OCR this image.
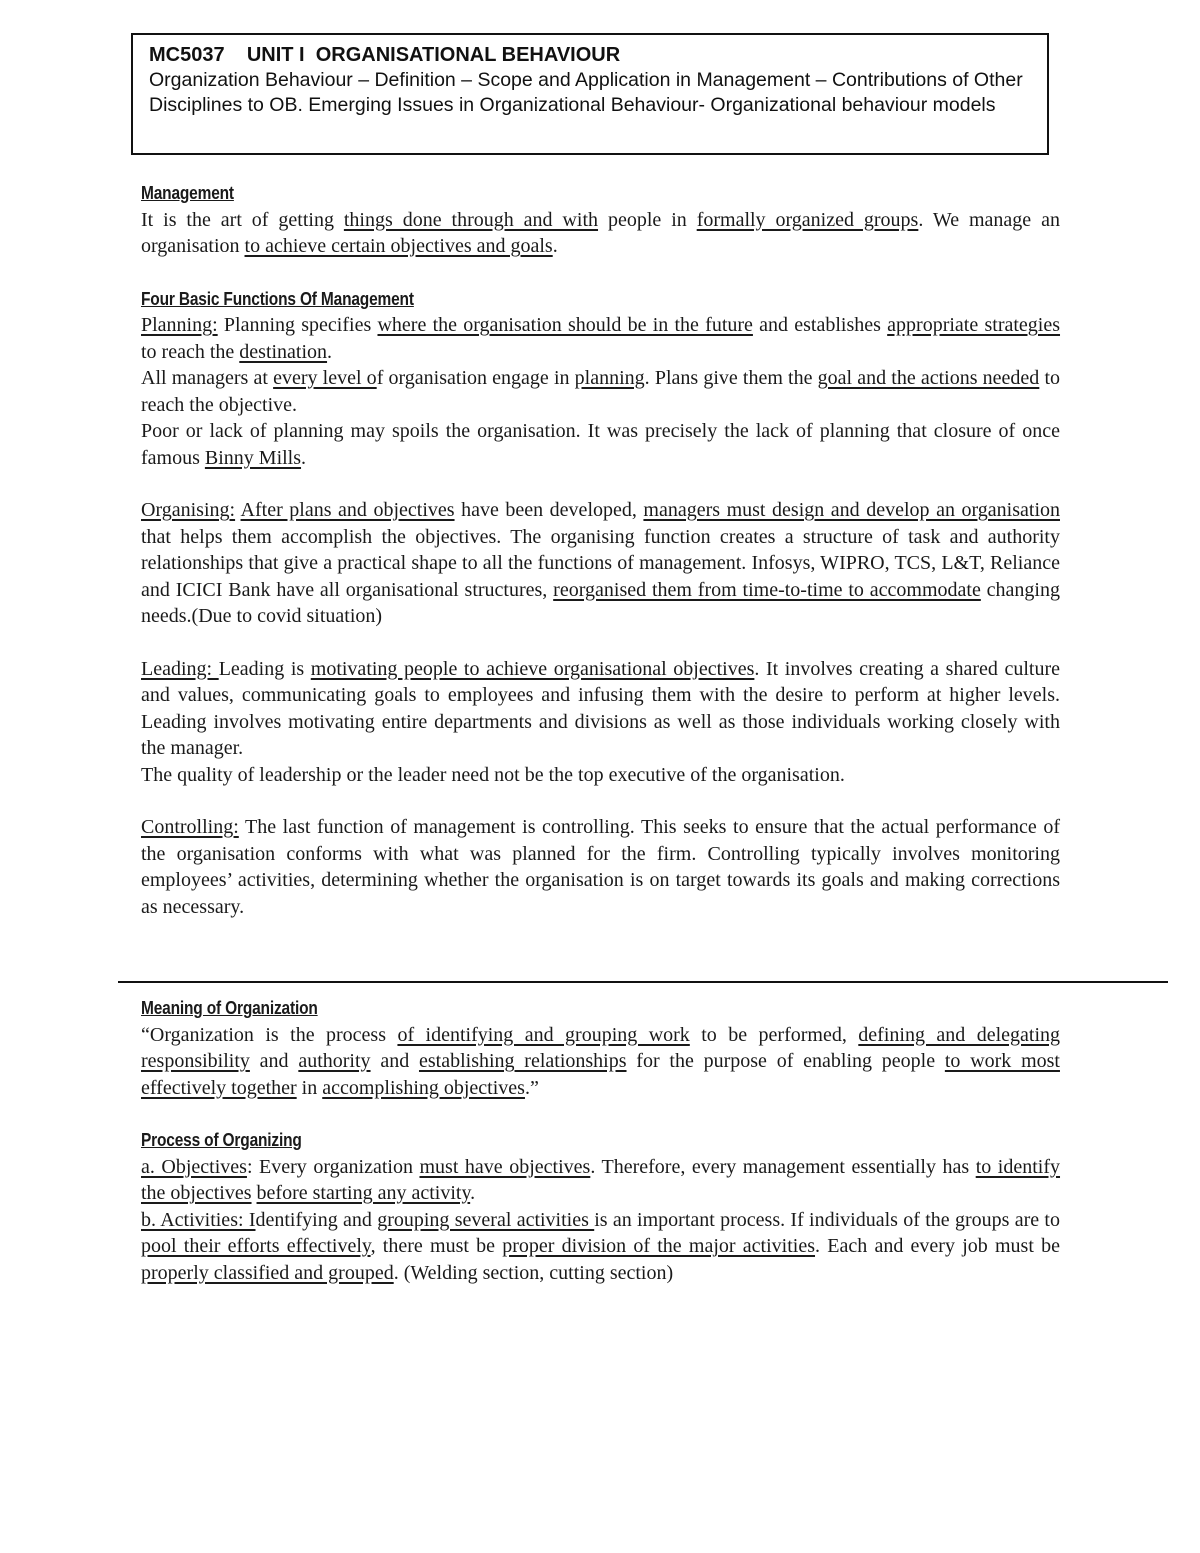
MC5037    UNIT I  ORGANISATIONAL BEHAVIOUR
Organization Behaviour – Definition – Scope and Application in Management – Contributions of Other Disciplines to OB. Emerging Issues in Organizational Behaviour- Organizational behaviour models
Management

It is the art of getting things done through and with people in formally organized groups. We manage an organisation to achieve certain objectives and goals.

Four Basic Functions Of Management

Planning: Planning specifies where the organisation should be in the future and establishes appropriate strategies to reach the destination.

All managers at every level of organisation engage in planning. Plans give them the goal and the actions needed to reach the objective.

Poor or lack of planning may spoils the organisation. It was precisely the lack of planning that closure of once famous Binny Mills.

Organising: After plans and objectives have been developed, managers must design and develop an organisation that helps them accomplish the objectives. The organising function creates a structure of task and authority relationships that give a practical shape to all the functions of management. Infosys, WIPRO, TCS, L&T, Reliance and ICICI Bank have all organisational structures, reorganised them from time-to-time to accommodate changing needs.(Due to covid situation)

Leading: Leading is motivating people to achieve organisational objectives. It involves creating a shared culture and values, communicating goals to employees and infusing them with the desire to perform at higher levels. Leading involves motivating entire departments and divisions as well as those individuals working closely with the manager.

The quality of leadership or the leader need not be the top executive of the organisation.

Controlling: The last function of management is controlling. This seeks to ensure that the actual performance of the organisation conforms with what was planned for the firm. Controlling typically involves monitoring employees’ activities, determining whether the organisation is on target towards its goals and making corrections as necessary.

Meaning of Organization

“Organization is the process of identifying and grouping work to be performed, defining and delegating responsibility and authority and establishing relationships for the purpose of enabling people to work most effectively together in accomplishing objectives.”

Process of Organizing

a. Objectives: Every organization must have objectives. Therefore, every management essentially has to identify the objectives before starting any activity.

b. Activities: Identifying and grouping several activities is an important process. If individuals of the groups are to pool their efforts effectively, there must be proper division of the major activities. Each and every job must be properly classified and grouped. (Welding section, cutting section)
